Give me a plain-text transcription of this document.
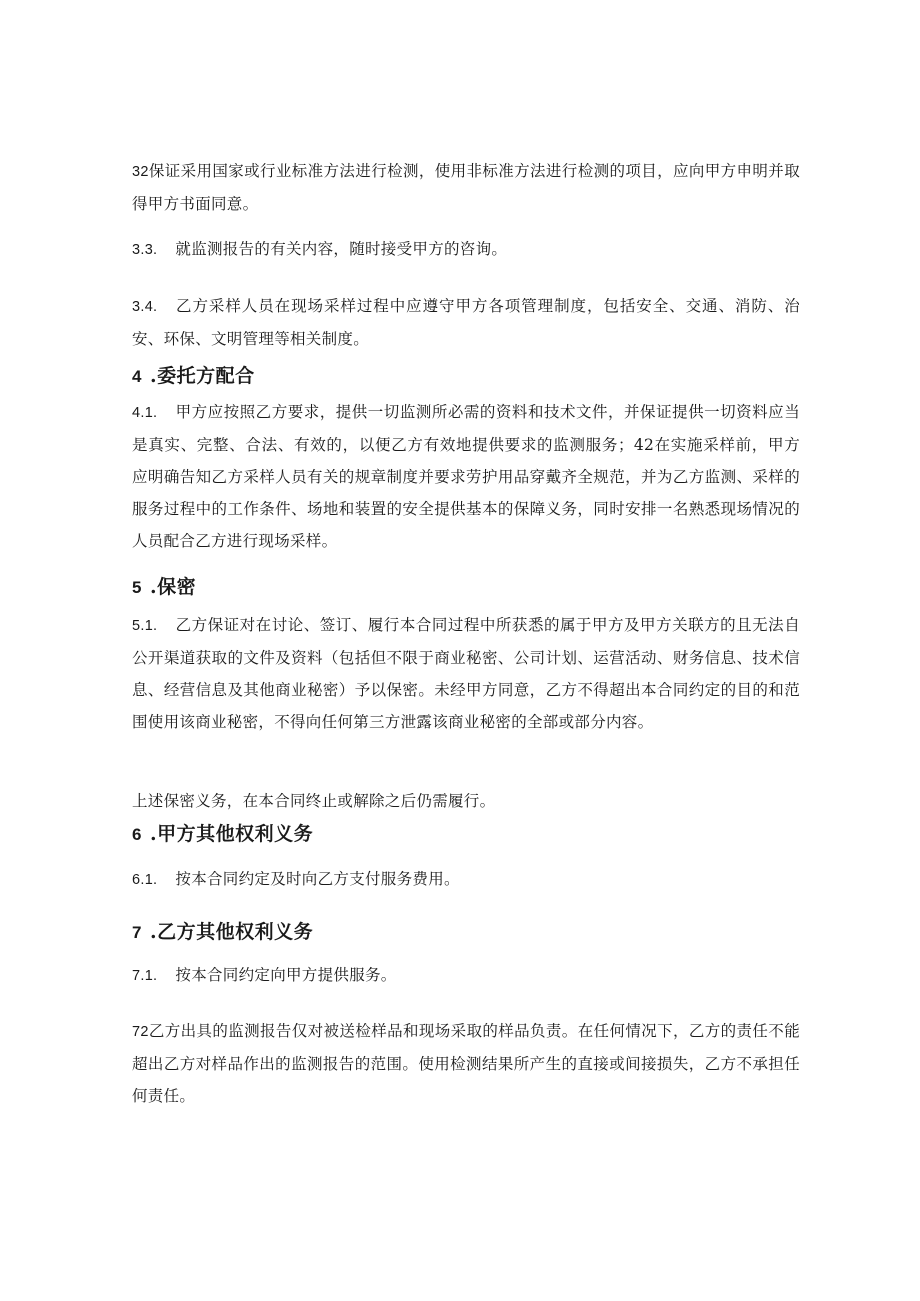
32保证采用国家或行业标准方法进行检测，使用非标准方法进行检测的项目，应向甲方申明并取得甲方书面同意。

3.3. 就监测报告的有关内容，随时接受甲方的咨询。

3.4. 乙方采样人员在现场采样过程中应遵守甲方各项管理制度，包括安全、交通、消防、治安、环保、文明管理等相关制度。

4 .委托方配合

4.1. 甲方应按照乙方要求，提供一切监测所必需的资料和技术文件，并保证提供一切资料应当是真实、完整、合法、有效的，以便乙方有效地提供要求的监测服务；42在实施采样前，甲方应明确告知乙方采样人员有关的规章制度并要求劳护用品穿戴齐全规范，并为乙方监测、采样的服务过程中的工作条件、场地和装置的安全提供基本的保障义务，同时安排一名熟悉现场情况的人员配合乙方进行现场采样。

5 .保密

5.1. 乙方保证对在讨论、签订、履行本合同过程中所获悉的属于甲方及甲方关联方的且无法自公开渠道获取的文件及资料（包括但不限于商业秘密、公司计划、运营活动、财务信息、技术信息、经营信息及其他商业秘密）予以保密。未经甲方同意，乙方不得超出本合同约定的目的和范围使用该商业秘密，不得向任何第三方泄露该商业秘密的全部或部分内容。

上述保密义务，在本合同终止或解除之后仍需履行。

6 .甲方其他权利义务

6.1. 按本合同约定及时向乙方支付服务费用。

7 .乙方其他权利义务

7.1. 按本合同约定向甲方提供服务。

72乙方出具的监测报告仅对被送检样品和现场采取的样品负责。在任何情况下，乙方的责任不能超出乙方对样品作出的监测报告的范围。使用检测结果所产生的直接或间接损失，乙方不承担任何责任。
